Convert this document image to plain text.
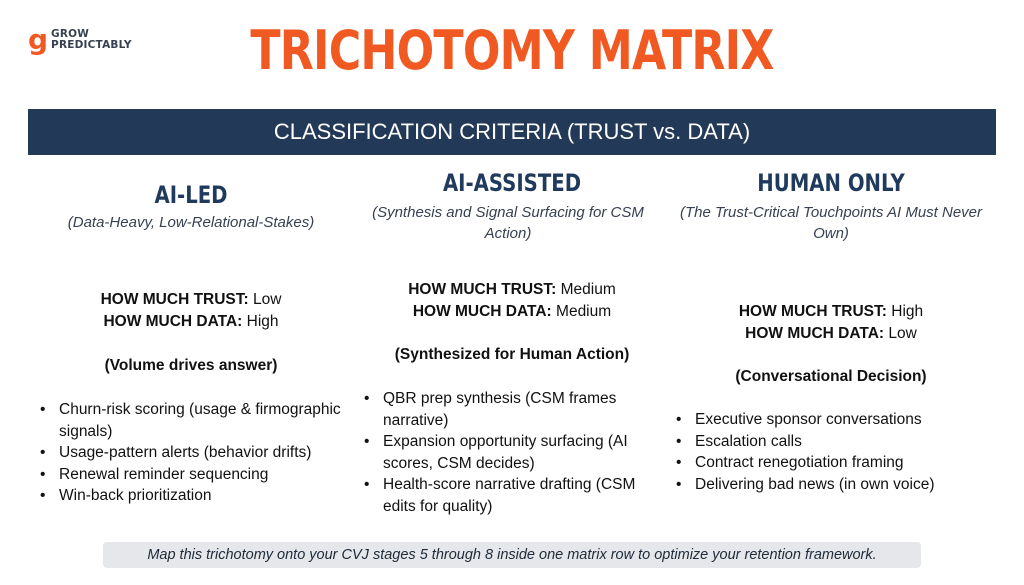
g GROW
PREDICTABLY	TRICHOTOMY MATRIX
CLASSIFICATION CRITERIA (TRUST vs. DATA)
AI-LED
(Data-Heavy, Low-Relational-Stakes)
HOW MUCH TRUST: Low
HOW MUCH DATA: High
(Volume drives answer)
• Churn-risk scoring (usage & firmographic signals)
• Usage-pattern alerts (behavior drifts)
• Renewal reminder sequencing
• Win-back prioritization
AI-ASSISTED
(Synthesis and Signal Surfacing for CSM Action)
HOW MUCH TRUST: Medium
HOW MUCH DATA: Medium
(Synthesized for Human Action)
• QBR prep synthesis (CSM frames narrative)
• Expansion opportunity surfacing (AI scores, CSM decides)
• Health-score narrative drafting (CSM edits for quality)
HUMAN ONLY
(The Trust-Critical Touchpoints AI Must Never Own)
HOW MUCH TRUST: High
HOW MUCH DATA: Low
(Conversational Decision)
• Executive sponsor conversations
• Escalation calls
• Contract renegotiation framing
• Delivering bad news (in own voice)
Map this trichotomy onto your CVJ stages 5 through 8 inside one matrix row to optimize your retention framework.
